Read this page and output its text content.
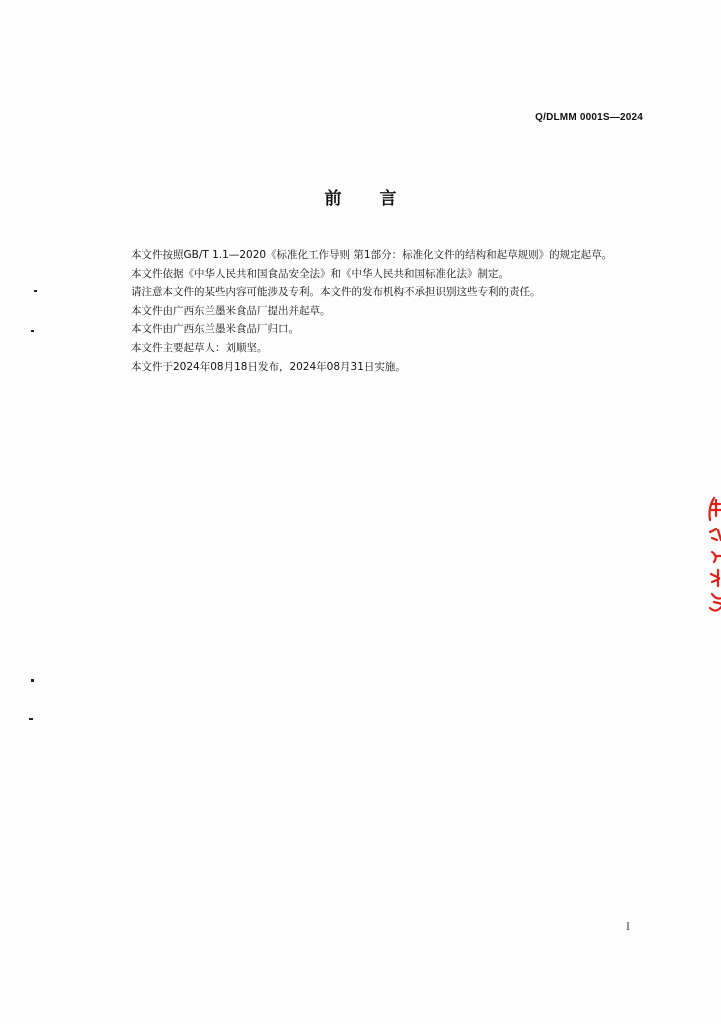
Q/DLMM 0001S—2024
前言

本文件按照GB/T 1.1—2020《标准化工作导则 第1部分：标准化文件的结构和起草规则》的规定起草。

本文件依据《中华人民共和国食品安全法》和《中华人民共和国标准化法》制定。

请注意本文件的某些内容可能涉及专利。本文件的发布机构不承担识别这些专利的责任。

本文件由广西东兰墨米食品厂提出并起草。

本文件由广西东兰墨米食品厂归口。

本文件主要起草人：刘顺坚。

本文件于2024年08月18日发布，2024年08月31日实施。

I
